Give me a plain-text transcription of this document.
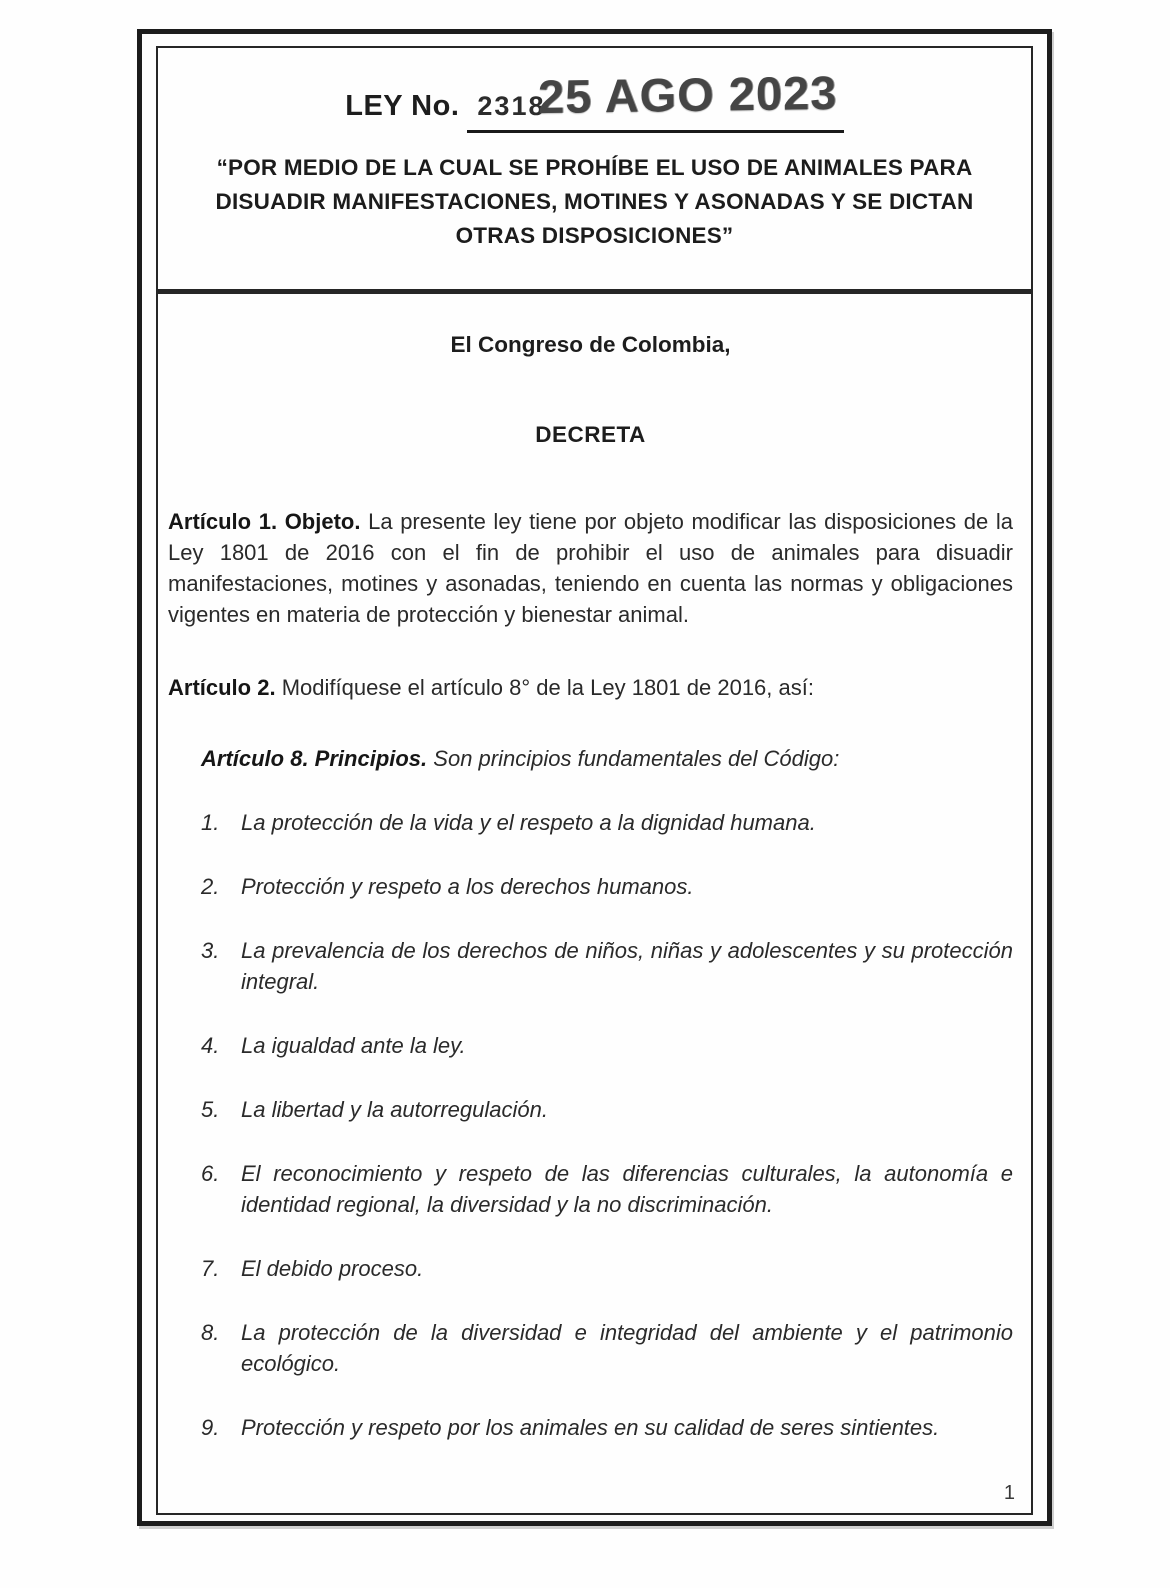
LEY No. 231825 AGO 2023
“POR MEDIO DE LA CUAL SE PROHÍBE EL USO DE ANIMALES PARA
DISUADIR MANIFESTACIONES, MOTINES Y ASONADAS Y SE DICTAN
OTRAS DISPOSICIONES”
El Congreso de Colombia,
DECRETA

Artículo 1. Objeto. La presente ley tiene por objeto modificar las disposiciones de la Ley 1801 de 2016 con el fin de prohibir el uso de animales para disuadir manifestaciones, motines y asonadas, teniendo en cuenta las normas y obligaciones vigentes en materia de protección y bienestar animal.

Artículo 2. Modifíquese el artículo 8° de la Ley 1801 de 2016, así:

Artículo 8. Principios. Son principios fundamentales del Código:

1. La protección de la vida y el respeto a la dignidad humana.
2. Protección y respeto a los derechos humanos.
3. La prevalencia de los derechos de niños, niñas y adolescentes y su protección integral.
4. La igualdad ante la ley.
5. La libertad y la autorregulación.
6. El reconocimiento y respeto de las diferencias culturales, la autonomía e identidad regional, la diversidad y la no discriminación.
7. El debido proceso.
8. La protección de la diversidad e integridad del ambiente y el patrimonio ecológico.
9. Protección y respeto por los animales en su calidad de seres sintientes.
1
